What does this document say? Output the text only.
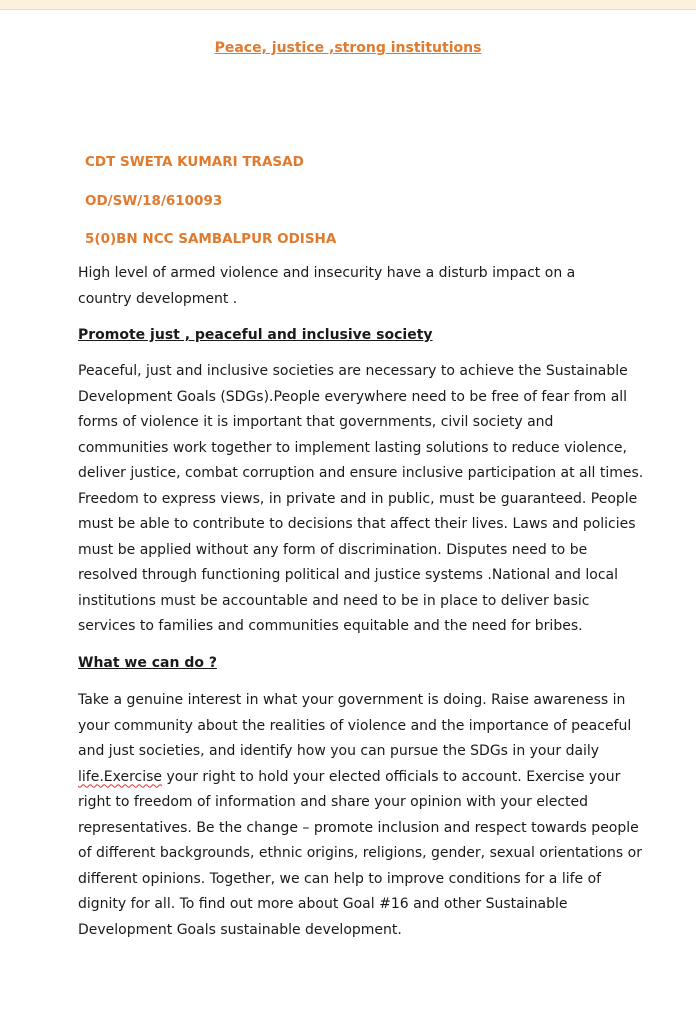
Peace, justice ,strong institutions
CDT SWETA KUMARI TRASAD
OD/SW/18/610093
5(0)BN NCC SAMBALPUR ODISHA
High level of armed violence and insecurity have a disturb impact on a
country development .
Promote just , peaceful and inclusive society
Peaceful, just and inclusive societies are necessary to achieve the Sustainable
Development Goals (SDGs).People everywhere need to be free of fear from all
forms of violence it is important that governments, civil society and
communities work together to implement lasting solutions to reduce violence,
deliver justice, combat corruption and ensure inclusive participation at all times.
Freedom to express views, in private and in public, must be guaranteed. People
must be able to contribute to decisions that affect their lives. Laws and policies
must be applied without any form of discrimination. Disputes need to be
resolved through functioning political and justice systems .National and local
institutions must be accountable and need to be in place to deliver basic
services to families and communities equitable and the need for bribes.
What we can do ?
Take a genuine interest in what your government is doing. Raise awareness in
your community about the realities of violence and the importance of peaceful
and just societies, and identify how you can pursue the SDGs in your daily
life.Exercise your right to hold your elected officials to account. Exercise your
right to freedom of information and share your opinion with your elected
representatives. Be the change – promote inclusion and respect towards people
of different backgrounds, ethnic origins, religions, gender, sexual orientations or
different opinions. Together, we can help to improve conditions for a life of
dignity for all. To find out more about Goal #16 and other Sustainable
Development Goals sustainable development.
